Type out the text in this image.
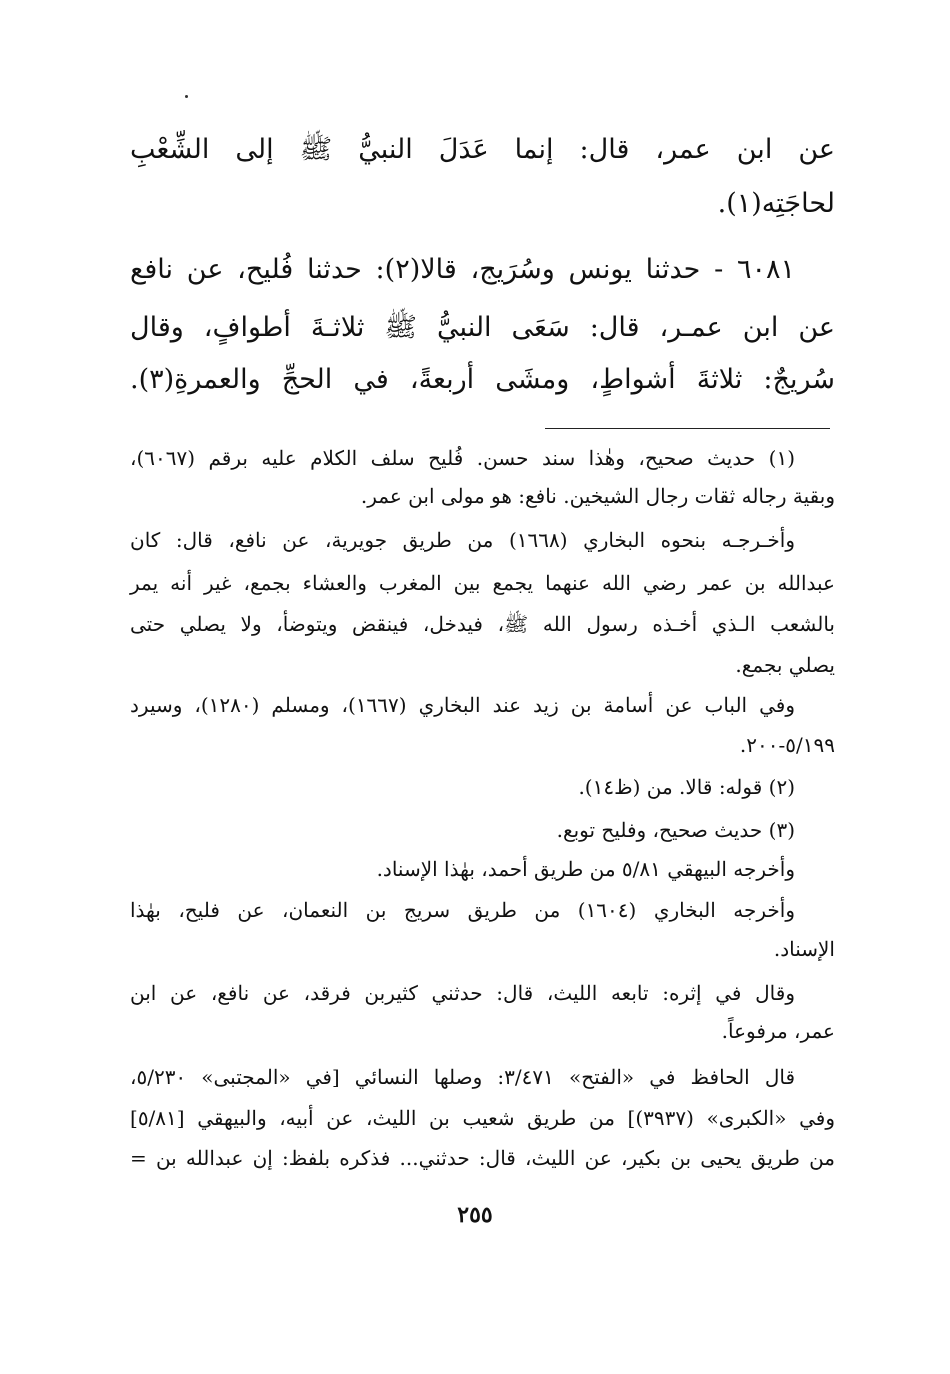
عن ابن عمر، قال: إنما عَدَلَ النبيُّ ﷺ إلى الشِّعْبِ
لحاجَتِه(١).
٦٠٨١ - حدثنا يونس وسُرَيج، قالا(٢): حدثنا فُليح، عن نافع
عن ابن عمـر، قال: سَعَى النبيُّ ﷺ ثلاثـةَ أطوافٍ، وقال
سُريجٌ: ثلاثةَ أشواطٍ، ومشَى أربعةً، في الحجِّ والعمرةِ(٣).
(١) حديث صحيح، وهٰذا سند حسن. فُليح سلف الكلام عليه برقم (٦٠٦٧)،
وبقية رجاله ثقات رجال الشيخين. نافع: هو مولى ابن عمر.
وأخـرجـه بنحوه البخاري (١٦٦٨) من طريق جويرية، عن نافع، قال: كان
عبدالله بن عمر رضي الله عنهما يجمع بين المغرب والعشاء بجمع، غير أنه يمر
بالشعب الـذي أخـذه رسول الله ﷺ، فيدخل، فينقض ويتوضأ، ولا يصلي حتى
يصلي بجمع.
وفي الباب عن أسامة بن زيد عند البخاري (١٦٦٧)، ومسلم (١٢٨٠)، وسيرد
٥/١٩٩-٢٠٠.
(٢) قوله: قالا. من (ظ١٤).
(٣) حديث صحيح، وفليح توبع.
وأخرجه البيهقي ٥/٨١ من طريق أحمد، بهٰذا الإسناد.
وأخرجه البخاري (١٦٠٤) من طريق سريج بن النعمان، عن فليح، بهٰذا
الإسناد.
وقال في إثره: تابعه الليث، قال: حدثني كثيربن فرقد، عن نافع، عن ابن
عمر، مرفوعاً.
قال الحافظ في «الفتح» ٣/٤٧١: وصلها النسائي [في «المجتبى» ٥/٢٣٠،
وفي «الكبرى» (٣٩٣٧)] من طريق شعيب بن الليث، عن أبيه، والبيهقي [٥/٨١]
من طريق يحيى بن بكير، عن الليث، قال: حدثني... فذكره بلفظ: إن عبدالله بن =
٢٥٥
